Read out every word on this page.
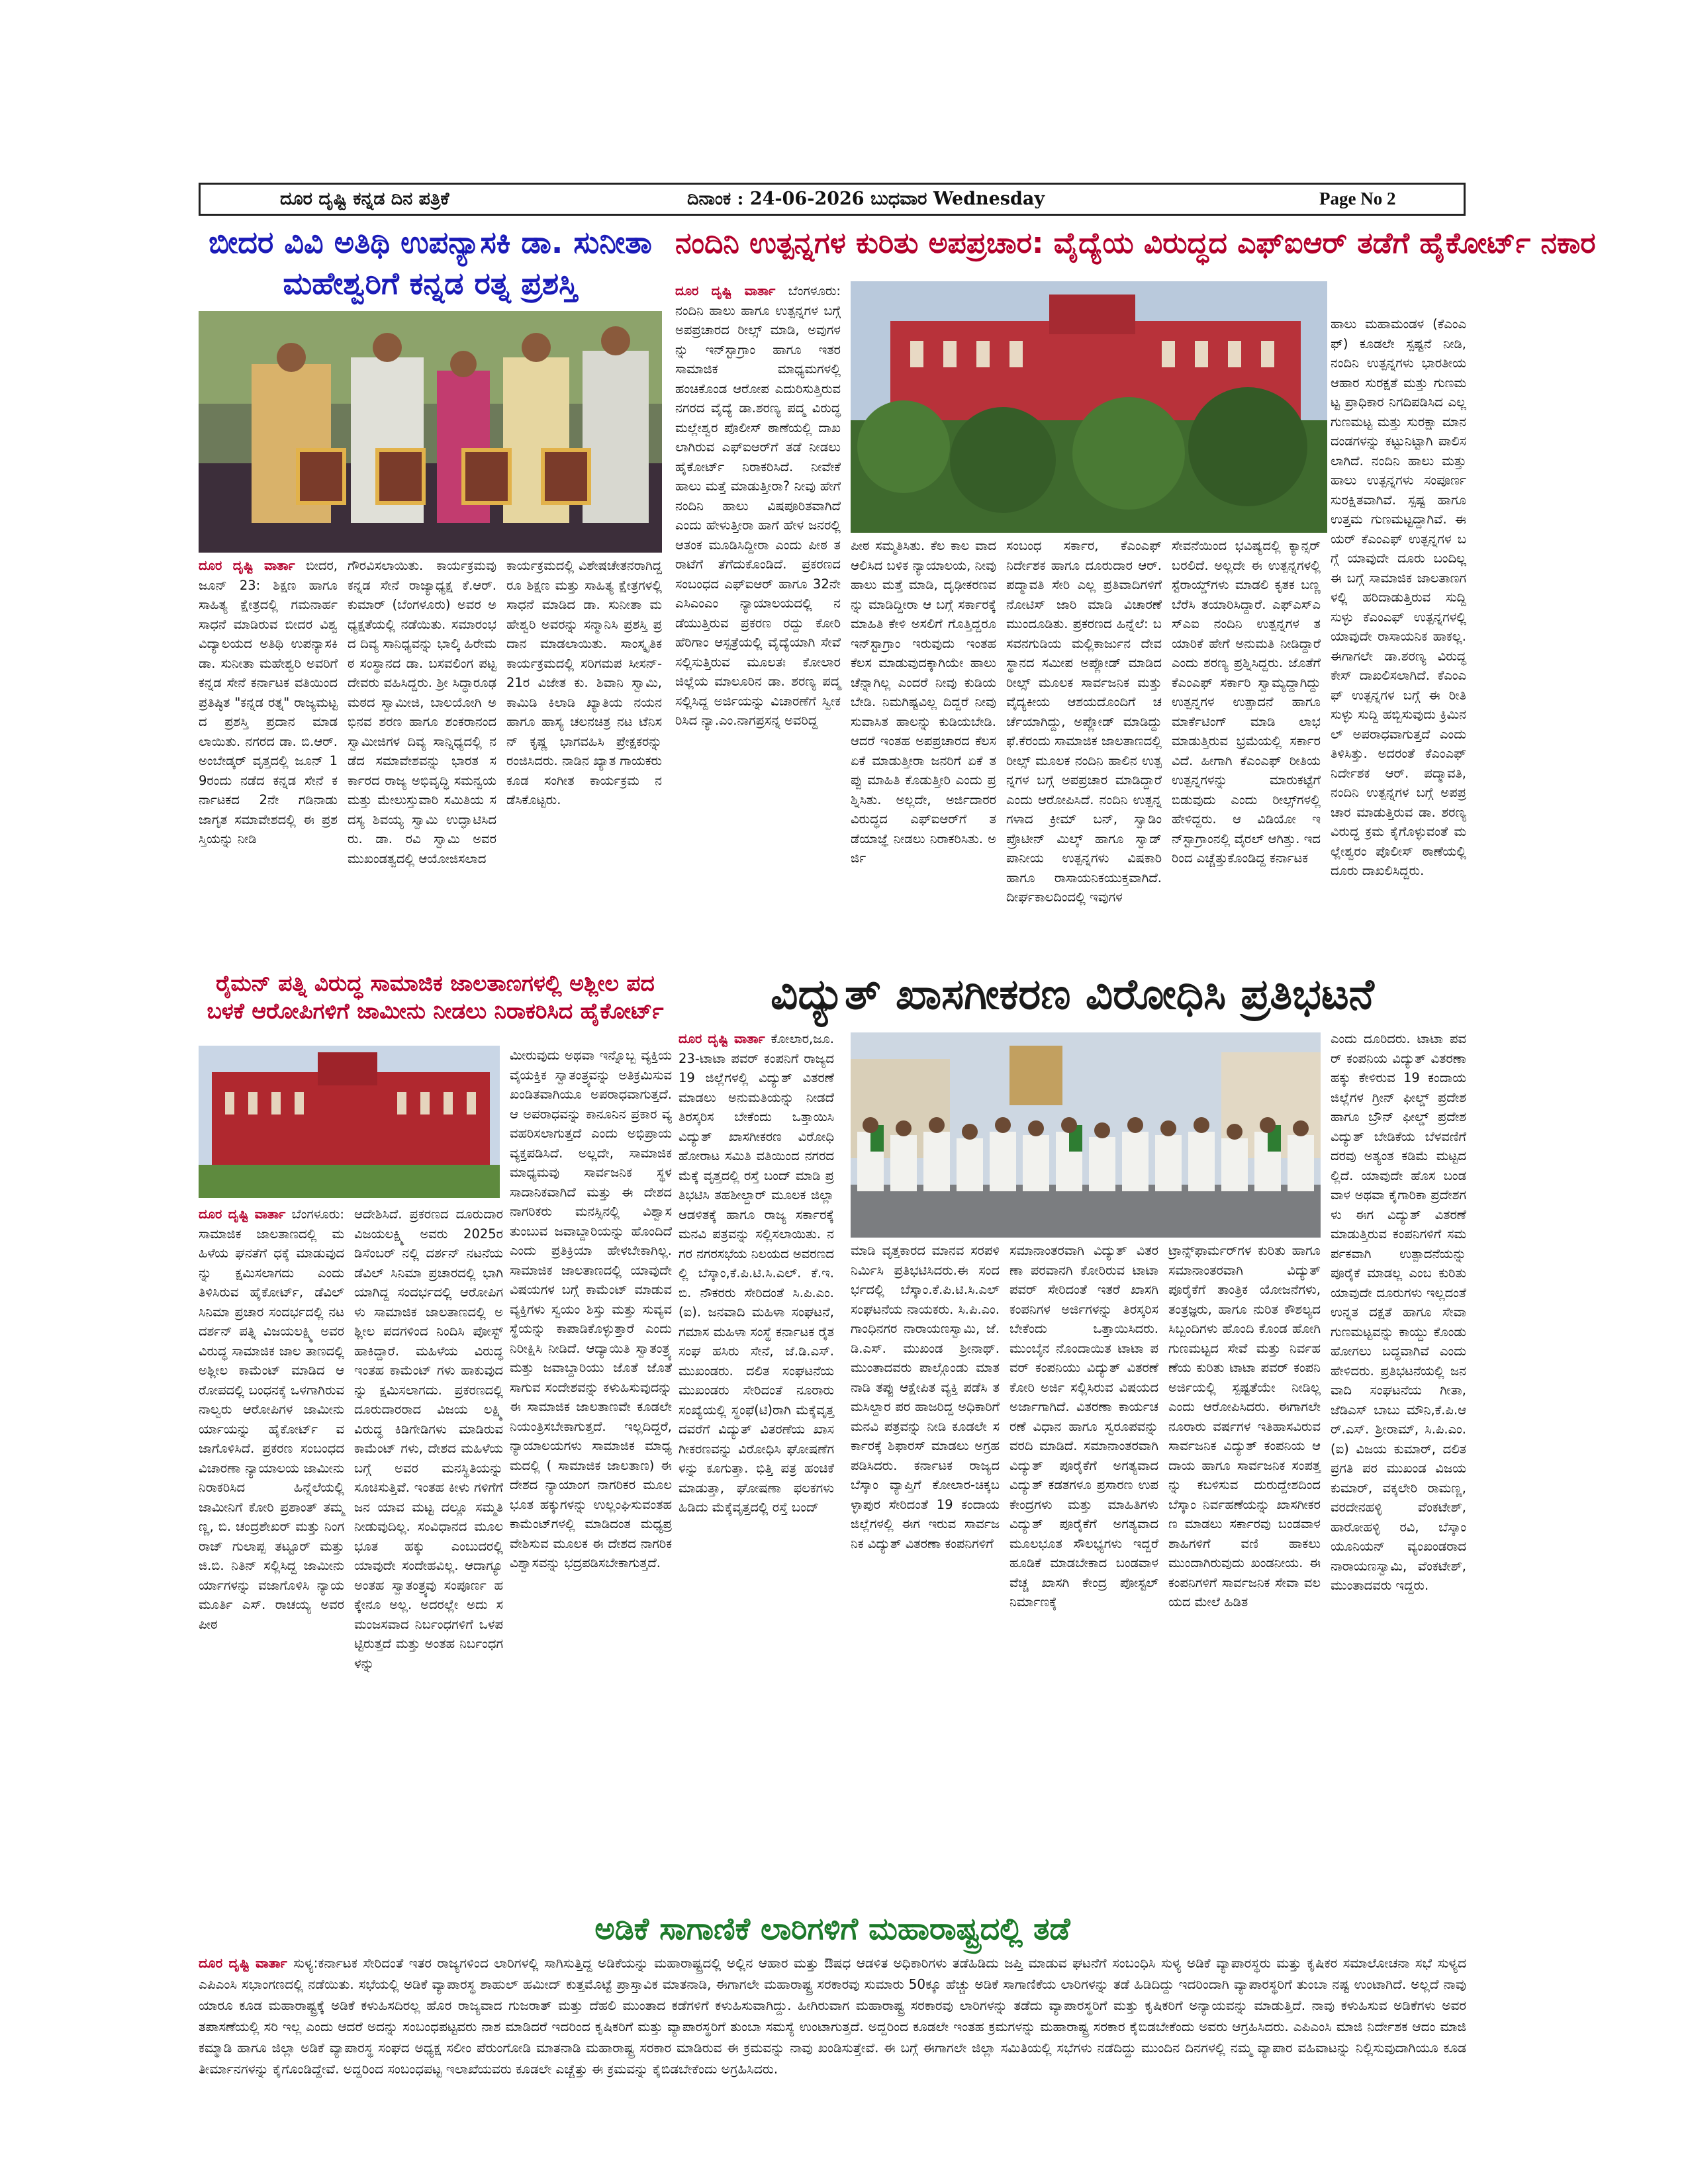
ದೂರ ದೃಷ್ಟಿ ಕನ್ನಡ ದಿನ ಪತ್ರಿಕೆ	ದಿನಾಂಕ : 24-06-2026 ಬುಧವಾರ Wednesday	Page No 2
ಬೀದರ ವಿವಿ ಅತಿಥಿ ಉಪನ್ಯಾಸಕಿ ಡಾ. ಸುನೀತಾ ಮಹೇಶ್ವರಿಗೆ ಕನ್ನಡ ರತ್ನ ಪ್ರಶಸ್ತಿ
ದೂರ ದೃಷ್ಟಿ ವಾರ್ತಾ ಬೀದರ, ಜೂನ್ 23: ಶಿಕ್ಷಣ ಹಾಗೂ ಸಾಹಿತ್ಯ ಕ್ಷೇತ್ರದಲ್ಲಿ ಗಮನಾರ್ಹ ಸಾಧನೆ ಮಾಡಿರುವ ಬೀದರ ವಿಶ್ವವಿದ್ಯಾಲಯದ ಅತಿಥಿ ಉಪನ್ಯಾಸಕಿ ಡಾ. ಸುನೀತಾ ಮಹೇಶ್ವರಿ ಅವರಿಗೆ ಕನ್ನಡ ಸೇನೆ ಕರ್ನಾಟಕ ವತಿಯಿಂದ ಪ್ರತಿಷ್ಠಿತ "ಕನ್ನಡ ರತ್ನ" ರಾಜ್ಯಮಟ್ಟದ ಪ್ರಶಸ್ತಿ ಪ್ರದಾನ ಮಾಡಲಾಯಿತು. ನಗರದ ಡಾ. ಬಿ.ಆರ್. ಅಂಬೇಡ್ಕರ್ ವೃತ್ತದಲ್ಲಿ ಜೂನ್ 19ರಂದು ನಡೆದ ಕನ್ನಡ ಸೇನೆ ಕರ್ನಾಟಕದ 2ನೇ ಗಡಿನಾಡು ಜಾಗೃತ ಸಮಾವೇಶದಲ್ಲಿ ಈ ಪ್ರಶಸ್ತಿಯನ್ನು ನೀಡಿ
ಗೌರವಿಸಲಾಯಿತು. ಕಾರ್ಯಕ್ರಮವು ಕನ್ನಡ ಸೇನೆ ರಾಜ್ಯಾಧ್ಯಕ್ಷ ಕೆ.ಆರ್. ಕುಮಾರ್ (ಬೆಂಗಳೂರು) ಅವರ ಅಧ್ಯಕ್ಷತೆಯಲ್ಲಿ ನಡೆಯಿತು. ಸಮಾರಂಭದ ದಿವ್ಯ ಸಾನಿಧ್ಯವನ್ನು ಭಾಲ್ಕಿ ಹಿರೇಮಠ ಸಂಸ್ಥಾನದ ಡಾ. ಬಸವಲಿಂಗ ಪಟ್ಟದೇವರು ವಹಿಸಿದ್ದರು. ಶ್ರೀ ಸಿದ್ಧಾರೂಢ ಮಠದ ಸ್ವಾಮೀಜಿ, ಬಾಲಯೋಗಿ ಅಭಿನವ ಶರಣ ಹಾಗೂ ಶಂಕರಾನಂದ ಸ್ವಾಮೀಜಿಗಳ ದಿವ್ಯ ಸಾನ್ನಿಧ್ಯದಲ್ಲಿ ನಡೆದ ಸಮಾವೇಶವನ್ನು ಭಾರತ ಸರ್ಕಾರದ ರಾಜ್ಯ ಅಭಿವೃದ್ಧಿ ಸಮನ್ವಯ ಮತ್ತು ಮೇಲುಸ್ತುವಾರಿ ಸಮಿತಿಯ ಸದಸ್ಯ ಶಿವಯ್ಯ ಸ್ವಾಮಿ ಉದ್ಘಾಟಿಸಿದರು. ಡಾ. ರವಿ ಸ್ವಾಮಿ ಅವರ ಮುಖಂಡತ್ವದಲ್ಲಿ ಆಯೋಜಿಸಲಾದ
ಕಾರ್ಯಕ್ರಮದಲ್ಲಿ ವಿಶೇಷಚೇತನರಾಗಿದ್ದರೂ ಶಿಕ್ಷಣ ಮತ್ತು ಸಾಹಿತ್ಯ ಕ್ಷೇತ್ರಗಳಲ್ಲಿ ಸಾಧನೆ ಮಾಡಿದ ಡಾ. ಸುನೀತಾ ಮಹೇಶ್ವರಿ ಅವರನ್ನು ಸನ್ಮಾನಿಸಿ ಪ್ರಶಸ್ತಿ ಪ್ರದಾನ ಮಾಡಲಾಯಿತು. ಸಾಂಸ್ಕೃತಿಕ ಕಾರ್ಯಕ್ರಮದಲ್ಲಿ ಸರಿಗಮಪ ಸೀಸನ್-21ರ ವಿಜೇತ ಕು. ಶಿವಾನಿ ಸ್ವಾಮಿ, ಕಾಮಿಡಿ ಕಿಲಾಡಿ ಖ್ಯಾತಿಯ ನಯನ ಹಾಗೂ ಹಾಸ್ಯ ಚಲನಚಿತ್ರ ನಟ ಟೆನಿಸನ್ ಕೃಷ್ಣ ಭಾಗವಹಿಸಿ ಪ್ರೇಕ್ಷಕರನ್ನು ರಂಜಿಸಿದರು. ನಾಡಿನ ಖ್ಯಾತ ಗಾಯಕರು ಕೂಡ ಸಂಗೀತ ಕಾರ್ಯಕ್ರಮ ನಡೆಸಿಕೊಟ್ಟರು.
ನಂದಿನಿ ಉತ್ಪನ್ನಗಳ ಕುರಿತು ಅಪಪ್ರಚಾರ: ವೈದ್ಯೆಯ ವಿರುದ್ಧದ ಎಫ್ಐಆರ್ ತಡೆಗೆ ಹೈಕೋರ್ಟ್ ನಕಾರ
ದೂರ ದೃಷ್ಟಿ ವಾರ್ತಾ ಬೆಂಗಳೂರು: ನಂದಿನಿ ಹಾಲು ಹಾಗೂ ಉತ್ಪನ್ನಗಳ ಬಗ್ಗೆ ಅಪಪ್ರಚಾರದ ರೀಲ್ಸ್ ಮಾಡಿ, ಅವುಗಳನ್ನು ಇನ್‌ಸ್ಟಾಗ್ರಾಂ ಹಾಗೂ ಇತರ ಸಾಮಾಜಿಕ ಮಾಧ್ಯಮಗಳಲ್ಲಿ ಹಂಚಿಕೊಂಡ ಆರೋಪ ಎದುರಿಸುತ್ತಿರುವ ನಗರದ ವೈದ್ಯೆ ಡಾ.ಶರಣ್ಯ ಪದ್ಮ ವಿರುದ್ಧ ಮಲ್ಲೇಶ್ವರ ಪೊಲೀಸ್ ಠಾಣೆಯಲ್ಲಿ ದಾಖಲಾಗಿರುವ ಎಫ್ಐಆರ್‌ಗೆ ತಡೆ ನೀಡಲು ಹೈಕೋರ್ಟ್ ನಿರಾಕರಿಸಿದೆ. ನೀವೇಕೆ ಹಾಲು ಮತ್ತೆ ಮಾಡುತ್ತೀರಾ? ನೀವು ಹೇಗೆ ನಂದಿನಿ ಹಾಲು ವಿಷಪೂರಿತವಾಗಿದೆ ಎಂದು ಹೇಳುತ್ತೀರಾ ಹಾಗೆ ಹೇಳ ಜನರಲ್ಲಿ ಆತಂಕ ಮೂಡಿಸಿದ್ದೀರಾ ಎಂದು ಪೀಠ ತರಾಟೆಗೆ ತೆಗೆದುಕೊಂಡಿದೆ. ಪ್ರಕರಣದ ಸಂಬಂಧದ ಎಫ್ಐಆರ್ ಹಾಗೂ 32ನೇ ಎಸಿಎಂಎಂ ನ್ಯಾಯಾಲಯದಲ್ಲಿ ನಡೆಯುತ್ತಿರುವ ಪ್ರಕರಣ ರದ್ದು ಕೋರಿ ಹೆರಿಗಾಂ ಆಸ್ಪತ್ರೆಯಲ್ಲಿ ವೈದ್ಯೆಯಾಗಿ ಸೇವೆ ಸಲ್ಲಿಸುತ್ತಿರುವ ಮೂಲತಃ ಕೋಲಾರ ಜಿಲ್ಲೆಯ ಮಾಲೂರಿನ ಡಾ. ಶರಣ್ಯ ಪದ್ಮ ಸಲ್ಲಿಸಿದ್ದ ಅರ್ಜಿಯನ್ನು ವಿಚಾರಣೆಗೆ ಸ್ವೀಕರಿಸಿದ ನ್ಯಾ.ಎಂ.ನಾಗಪ್ರಸನ್ನ ಅವರಿದ್ದ
ಪೀಠ ಸಮ್ಮತಿಸಿತು. ಕೆಲ ಕಾಲ ವಾದ ಆಲಿಸಿದ ಬಳಿಕ ನ್ಯಾಯಾಲಯ, ನೀವು ಹಾಲು ಮತ್ತೆ ಮಾಡಿ, ದೃಢೀಕರಣವನ್ನು ಮಾಡಿದ್ದೀರಾ ಆ ಬಗ್ಗೆ ಸರ್ಕಾರಕ್ಕೆ ಮಾಹಿತಿ ಕೇಳಿ ಅಸಲಿಗೆ ಗೊತ್ತಿದ್ದರೂ ಇನ್‌ಸ್ಟಾಗ್ರಾಂ ಇರುವುದು ಇಂತಹ ಕೆಲಸ ಮಾಡುವುದಕ್ಕಾಗಿಯೇ ಹಾಲು ಚೆನ್ನಾಗಿಲ್ಲ ಎಂದರೆ ನೀವು ಕುಡಿಯಬೇಡಿ. ನಿಮಗಿಷ್ಟವಿಲ್ಲ ದಿದ್ದರೆ ನೀವು ಸುವಾಸಿತ ಹಾಲನ್ನು ಕುಡಿಯಬೇಡಿ. ಆದರೆ ಇಂತಹ ಅಪಪ್ರಚಾರದ ಕೆಲಸ ಏಕೆ ಮಾಡುತ್ತೀರಾ ಜನರಿಗೆ ಏಕೆ ತಪ್ಪು ಮಾಹಿತಿ ಕೊಡುತ್ತೀರಿ ಎಂದು ಪ್ರಶ್ನಿಸಿತು. ಅಲ್ಲದೇ, ಅರ್ಜಿದಾರರ ವಿರುದ್ಧದ ಎಫ್ಐಆರ್‌ಗೆ ತಡೆಯಾಜ್ಞೆ ನೀಡಲು ನಿರಾಕರಿಸಿತು. ಅರ್ಜಿ
ಸಂಬಂಧ ಸರ್ಕಾರ, ಕೆಎಂಎಫ್ ನಿರ್ದೇಶಕ ಹಾಗೂ ದೂರುದಾರ ಆರ್.ಪದ್ಮಾವತಿ ಸೇರಿ ಎಲ್ಲ ಪ್ರತಿವಾದಿಗಳಿಗೆ ನೋಟಿಸ್ ಜಾರಿ ಮಾಡಿ ವಿಚಾರಣೆ ಮುಂದೂಡಿತು. ಪ್ರಕರಣದ ಹಿನ್ನೆಲೆ: ಬಸವನಗುಡಿಯ ಮಲ್ಲಿಕಾರ್ಜುನ ದೇವಸ್ಥಾನದ ಸಮೀಪ ಅಪ್ಲೋಡ್ ಮಾಡಿದ ರೀಲ್ಸ್ ಮೂಲಕ ಸಾರ್ವಜನಿಕ ಮತ್ತು ವೈದ್ಯಕೀಯ ಆಶಯದೊಂದಿಗೆ ಚರ್ಚೆಯಾಗಿದ್ದು, ಅಪ್ಲೋಡ್ ಮಾಡಿದ್ದು ಫೆ.ಕೆರಂದು ಸಾಮಾಜಿಕ ಜಾಲತಾಣದಲ್ಲಿ ರೀಲ್ಸ್ ಮೂಲಕ ನಂದಿನಿ ಹಾಲಿನ ಉತ್ಪನ್ನಗಳ ಬಗ್ಗೆ ಅಪಪ್ರಚಾರ ಮಾಡಿದ್ದಾರೆ ಎಂದು ಆರೋಪಿಸಿದೆ. ನಂದಿನಿ ಉತ್ಪನ್ನಗಳಾದ ಕ್ರೀಮ್ ಬನ್, ಸ್ವಾಡಿಂ ಪ್ರೊಟೀನ್ ಮಿಲ್ಕ್ ಹಾಗೂ ಸ್ವಾಡ್ ಪಾನೀಯ ಉತ್ಪನ್ನಗಳು ವಿಷಕಾರಿ ಹಾಗೂ ರಾಸಾಯನಿಕಯುಕ್ತವಾಗಿದೆ. ದೀರ್ಘಕಾಲದಿಂದಲ್ಲಿ ಇವುಗಳ
ಸೇವನೆಯಿಂದ ಭವಿಷ್ಯದಲ್ಲಿ ಕ್ಯಾನ್ಸರ್ ಬರಲಿದೆ. ಅಲ್ಲದೇ ಈ ಉತ್ಪನ್ನಗಳಲ್ಲಿ ಸ್ಟೆರಾಯ್ಡ್‌ಗಳು ಮಾಡಲಿ ಕೃತಕ ಬಣ್ಣ ಬೆರೆಸಿ ತಯಾರಿಸಿದ್ದಾರೆ. ಎಫ್ಎಸ್ಎಸ್ಎಐ ನಂದಿನಿ ಉತ್ಪನ್ನಗಳ ತಯಾರಿಕೆ ಹೇಗೆ ಅನುಮತಿ ನೀಡಿದ್ದಾರೆ ಎಂದು ಶರಣ್ಯ ಪ್ರಶ್ನಿಸಿದ್ದರು. ಜೊತೆಗೆ ಕೆಎಂಎಫ್ ಸರ್ಕಾರಿ ಸ್ವಾಮ್ಯದ್ದಾಗಿದ್ದು ಉತ್ಪನ್ನಗಳ ಉತ್ಪಾದನೆ ಹಾಗೂ ಮಾರ್ಕೆಟಿಂಗ್ ಮಾಡಿ ಲಾಭ ಮಾಡುತ್ತಿರುವ ಭ್ರಮೆಯಲ್ಲಿ ಸರ್ಕಾರವಿದೆ. ಹೀಗಾಗಿ ಕೆಎಂಎಫ್ ರೀತಿಯ ಉತ್ಪನ್ನಗಳನ್ನು ಮಾರುಕಟ್ಟೆಗೆ ಬಿಡುವುದು ಎಂದು ರೀಲ್ಸ್‌ಗಳಲ್ಲಿ ಹೇಳಿದ್ದರು. ಆ ವಿಡಿಯೋ ಇನ್‌ಸ್ಟಾಗ್ರಾಂನಲ್ಲಿ ವೈರಲ್ ಆಗಿತ್ತು. ಇದರಿಂದ ಎಚ್ಚೆತ್ತುಕೊಂಡಿದ್ದ ಕರ್ನಾಟಕ
ಹಾಲು ಮಹಾಮಂಡಳ (ಕೆಎಂಎಫ್) ಕೂಡಲೇ ಸ್ಪಷ್ಟನೆ ನೀಡಿ, ನಂದಿನಿ ಉತ್ಪನ್ನಗಳು ಭಾರತೀಯ ಆಹಾರ ಸುರಕ್ಷತೆ ಮತ್ತು ಗುಣಮಟ್ಟ ಪ್ರಾಧಿಕಾರ ನಿಗದಿಪಡಿಸಿದ ಎಲ್ಲ ಗುಣಮಟ್ಟ ಮತ್ತು ಸುರಕ್ಷಾ ಮಾನದಂಡಗಳನ್ನು ಕಟ್ಟುನಿಟ್ಟಾಗಿ ಪಾಲಿಸಲಾಗಿದೆ. ನಂದಿನಿ ಹಾಲು ಮತ್ತು ಹಾಲು ಉತ್ಪನ್ನಗಳು ಸಂಪೂರ್ಣ ಸುರಕ್ಷಿತವಾಗಿವೆ. ಸ್ಪಷ್ಟ ಹಾಗೂ ಉತ್ತಮ ಗುಣಮಟ್ಟದ್ದಾಗಿವೆ. ಈಯರ್‌ ಕೆಎಂಎಫ್ ಉತ್ಪನ್ನಗಳ ಬಗ್ಗೆ ಯಾವುದೇ ದೂರು ಬಂದಿಲ್ಲ ಈ ಬಗ್ಗೆ ಸಾಮಾಜಿಕ ಜಾಲತಾಣಗಳಲ್ಲಿ ಹರಿದಾಡುತ್ತಿರುವ ಸುದ್ದಿ ಸುಳ್ಳು ಕೆಎಂಎಫ್ ಉತ್ಪನ್ನಗಳಲ್ಲಿ ಯಾವುದೇ ರಾಸಾಯನಿಕ ಹಾಕಲ್ಲ. ಈಗಾಗಲೇ ಡಾ.ಶರಣ್ಯ ವಿರುದ್ಧ ಕೇಸ್ ದಾಖಲಿಸಲಾಗಿದೆ. ಕೆಎಂಎಫ್ ಉತ್ಪನ್ನಗಳ ಬಗ್ಗೆ ಈ ರೀತಿ ಸುಳ್ಳು ಸುದ್ದಿ ಹಬ್ಬಿಸುವುದು ಕ್ರಿಮಿನಲ್ ಅಪರಾಧವಾಗುತ್ತದೆ ಎಂದು ತಿಳಿಸಿತ್ತು. ಅದರಂತೆ ಕೆಎಂಎಫ್ ನಿರ್ದೇಶಕ ಆರ್. ಪದ್ಮಾವತಿ, ನಂದಿನಿ ಉತ್ಪನ್ನಗಳ ಬಗ್ಗೆ ಅಪಪ್ರಚಾರ ಮಾಡುತ್ತಿರುವ ಡಾ. ಶರಣ್ಯ ವಿರುದ್ಧ ಕ್ರಮ ಕೈಗೊಳ್ಳುವಂತೆ ಮಲ್ಲೇಶ್ವರಂ ಪೊಲೀಸ್ ಠಾಣೆಯಲ್ಲಿ ದೂರು ದಾಖಲಿಸಿದ್ದರು.
ರೈಮನ್ ಪತ್ನಿ ವಿರುದ್ಧ ಸಾಮಾಜಿಕ ಜಾಲತಾಣಗಳಲ್ಲಿ ಅಶ್ಲೀಲ ಪದ ಬಳಕೆ ಆರೋಪಿಗಳಿಗೆ ಜಾಮೀನು ನೀಡಲು ನಿರಾಕರಿಸಿದ ಹೈಕೋರ್ಟ್
ದೂರ ದೃಷ್ಟಿ ವಾರ್ತಾ ಬೆಂಗಳೂರು: ಸಾಮಾಜಿಕ ಜಾಲತಾಣದಲ್ಲಿ ಮಹಿಳೆಯ ಘನತೆಗೆ ಧಕ್ಕೆ ಮಾಡುವುದನ್ನು ಕ್ಷಮಿಸಲಾಗದು ಎಂದು ತಿಳಿಸಿರುವ ಹೈಕೋರ್ಟ್, ಡೆವಿಲ್ ಸಿನಿಮಾ ಪ್ರಚಾರ ಸಂದರ್ಭದಲ್ಲಿ ನಟ ದರ್ಶನ್ ಪತ್ನಿ ವಿಜಯಲಕ್ಷ್ಮಿ ಅವರ ವಿರುದ್ಧ ಸಾಮಾಜಿಕ ಜಾಲ ತಾಣದಲ್ಲಿ ಅಶ್ಲೀಲ ಕಾಮೆಂಟ್ ಮಾಡಿದ ಆರೋಪದಲ್ಲಿ ಬಂಧನಕ್ಕೆ ಒಳಗಾಗಿರುವ ನಾಲ್ವರು ಆರೋಪಿಗಳ ಜಾಮೀನು ರ್ಯಾಯನ್ನು ಹೈಕೋರ್ಟ್ ವಜಾಗೊಳಿಸಿದೆ. ಪ್ರಕರಣ ಸಂಬಂಧದ ವಿಚಾರಣಾ ನ್ಯಾಯಾಲಯ ಜಾಮೀನು ನಿರಾಕರಿಸಿದ ಹಿನ್ನೆಲೆಯಲ್ಲಿ ಜಾಮೀನಿಗೆ ಕೋರಿ ಪ್ರಶಾಂತ್ ತಮ್ಮಣ್ಣ, ಬಿ. ಚಂದ್ರಶೇಖರ್ ಮತ್ತು ನಿಂಗರಾಜ್ ಗುಲಾಪ್ಪ ತಟ್ಟೂರ್ ಮತ್ತು ಜಿ.ಬಿ. ನಿತಿನ್ ಸಲ್ಲಿಸಿದ್ದ ಜಾಮೀನು ರ್ಯಾಗಳನ್ನು ವಜಾಗೊಳಿಸಿ ನ್ಯಾಯಮೂರ್ತಿ ಎಸ್. ರಾಚಯ್ಯ ಅವರ ಪೀಠ
ಆದೇಶಿಸಿದೆ. ಪ್ರಕರಣದ ದೂರುದಾರ ವಿಜಯಲಕ್ಷ್ಮಿ ಅವರು 2025ರ ಡಿಸೆಂಬರ್ ನಲ್ಲಿ ದರ್ಶನ್ ನಟನೆಯ ಡೆವಿಲ್ ಸಿನಿಮಾ ಪ್ರಚಾರದಲ್ಲಿ ಭಾಗಿ ಯಾಗಿದ್ದ ಸಂದರ್ಭದಲ್ಲಿ ಆರೋಪಿಗಳು ಸಾಮಾಜಿಕ ಜಾಲತಾಣದಲ್ಲಿ ಅಶ್ಲೀಲ ಪದಗಳಿಂದ ನಿಂದಿಸಿ ಪೋಸ್ಟ್ ಹಾಕಿದ್ದಾರೆ. ಮಹಿಳೆಯ ವಿರುದ್ಧ ಇಂತಹ ಕಾಮೆಂಟ್ ಗಳು ಹಾಕುವುದನ್ನು ಕ್ಷಮಿಸಲಾಗದು. ಪ್ರಕರಣದಲ್ಲಿ ದೂರುದಾರರಾದ ವಿಜಯ ಲಕ್ಷ್ಮಿ ವಿರುದ್ಧ ಕಿಡಿಗೇಡಿಗಳು ಮಾಡಿರುವ ಕಾಮೆಂಟ್ ಗಳು, ದೇಶದ ಮಹಿಳೆಯ ಬಗ್ಗೆ ಅವರ ಮನಸ್ಥಿತಿಯನ್ನು ಸೂಚಿಸುತ್ತಿವೆ. ಇಂತಹ ಕೀಳು ಗಳಿಗೆಗೆ ಜನ ಯಾವ ಮಟ್ಟ ದಲ್ಲೂ ಸಮ್ಮತಿ ನೀಡುವುದಿಲ್ಲ. ಸಂವಿಧಾನದ ಮೂಲಭೂತ ಹಕ್ಕು ಎಂಬುದರಲ್ಲಿ ಯಾವುದೇ ಸಂದೇಹವಿಲ್ಲ. ಆದಾಗ್ಯೂ ಅಂತಹ ಸ್ವಾತಂತ್ರ್ಯವು ಸಂಪೂರ್ಣ ಹಕ್ಕೇನೂ ಅಲ್ಲ. ಅದರಲ್ಲೇ ಅದು ಸಮಂಜಸವಾದ ನಿರ್ಬಂಧಗಳಿಗೆ ಒಳಪಟ್ಟಿರುತ್ತದೆ ಮತ್ತು ಅಂತಹ ನಿರ್ಬಂಧಗಳನ್ನು
ಮೀರುವುದು ಅಥವಾ ಇನ್ನೊಬ್ಬ ವ್ಯಕ್ತಿಯ ವೈಯಕ್ತಿಕ ಸ್ವಾತಂತ್ರ್ಯವನ್ನು ಅತಿಕ್ರಮಿಸುವ ಖಂಡಿತವಾಗಿಯೂ ಅಪರಾಧವಾಗುತ್ತದೆ. ಆ ಅಪರಾಧವನ್ನು ಕಾನೂನಿನ ಪ್ರಕಾರ ವ್ಯವಹರಿಸಲಾಗುತ್ತದೆ ಎಂದು ಅಭಿಪ್ರಾಯ ವ್ಯಕ್ತಪಡಿಸಿದೆ. ಅಲ್ಲದೇ, ಸಾಮಾಜಿಕ ಮಾಧ್ಯಮವು ಸಾರ್ವಜನಿಕ ಸ್ಥಳ ಸಾದಾನಿಕವಾಗಿದೆ ಮತ್ತು ಈ ದೇಶದ ನಾಗರಿಕರು ಮನಸ್ಸಿನಲ್ಲಿ ವಿಶ್ವಾಸ ತುಂಬುವ ಜವಾಬ್ದಾರಿಯನ್ನು ಹೊಂದಿದೆ ಎಂದು ಪ್ರತಿಕ್ರಿಯಾ ಹೇಳಬೇಕಾಗಿಲ್ಲ. ಸಾಮಾಜಿಕ ಜಾಲತಾಣದಲ್ಲಿ ಯಾವುದೇ ವಿಷಯಗಳ ಬಗ್ಗೆ ಕಾಮೆಂಟ್ ಮಾಡುವ ವ್ಯಕ್ತಿಗಳು ಸ್ವಯಂ ಶಿಸ್ತು ಮತ್ತು ಸುವ್ಯವಸ್ಥೆಯನ್ನು ಕಾಪಾಡಿಕೊಳ್ಳುತ್ತಾರೆ ಎಂದು ನಿರೀಕ್ಷಿಸಿ ನೀಡಿದೆ. ಆದ್ಯಾಯಿತಿ ಸ್ವಾತಂತ್ರ್ಯ ಮತ್ತು ಜವಾಬ್ದಾರಿಯು ಜೊತೆ ಜೊತೆ ಸಾಗುವ ಸಂದೇಶವನ್ನು ಕಳುಹಿಸುವುದನ್ನು ಈ ಸಾಮಾಜಿಕ ಜಾಲತಾಣವೇ ಕೂಡಲೇ ನಿಯಂತ್ರಿಸಬೇಕಾಗುತ್ತದೆ. ಇಲ್ಲದಿದ್ದರೆ, ನ್ಯಾಯಾಲಯಗಳು ಸಾಮಾಜಿಕ ಮಾಧ್ಯಮದಲ್ಲಿ ( ಸಾಮಾಜಿಕ ಜಾಲತಾಣ) ಈ ದೇಶದ ನ್ಯಾಯಾಂಗ ನಾಗರಿಕರ ಮೂಲಭೂತ ಹಕ್ಕುಗಳನ್ನು ಉಲ್ಲಂಘಿಸುವಂತಹ ಕಾಮೆಂಟ್‌ಗಳಲ್ಲಿ ಮಾಡಿದಂತ ಮಧ್ಯಪ್ರವೇಶಿಸುವ ಮೂಲಕ ಈ ದೇಶದ ನಾಗರಿಕ ವಿಶ್ವಾಸವನ್ನು ಭದ್ರಪಡಿಸಬೇಕಾಗುತ್ತದೆ.
ವಿದ್ಯುತ್ ಖಾಸಗೀಕರಣ ವಿರೋಧಿಸಿ ಪ್ರತಿಭಟನೆ
ದೂರ ದೃಷ್ಟಿ ವಾರ್ತಾ ಕೋಲಾರ,ಜೂ.23-ಟಾಟಾ ಪವರ್ ಕಂಪನಿಗೆ ರಾಜ್ಯದ 19 ಜಿಲ್ಲೆಗಳಲ್ಲಿ ವಿದ್ಯುತ್ ವಿತರಣೆ ಮಾಡಲು ಅನುಮತಿಯನ್ನು ನೀಡದೆ ತಿರಸ್ಕರಿಸ ಬೇಕೆಂದು ಒತ್ತಾಯಿಸಿ ವಿದ್ಯುತ್ ಖಾಸಗೀಕರಣ ವಿರೋಧಿ ಹೋರಾಟ ಸಮಿತಿ ವತಿಯಿಂದ ನಗರದ ಮೆಕ್ಕೆ ವೃತ್ತದಲ್ಲಿ ರಸ್ತೆ ಬಂದ್ ಮಾಡಿ ಪ್ರತಿಭಟಿಸಿ ತಹಶೀಲ್ದಾರ್ ಮೂಲಕ ಜಿಲ್ಲಾ ಆಡಳಿತಕ್ಕೆ ಹಾಗೂ ರಾಜ್ಯ ಸರ್ಕಾರಕ್ಕೆ ಮನವಿ ಪತ್ರವನ್ನು ಸಲ್ಲಿಸಲಾಯಿತು. ನಗರ ನಗರಸಭೆಯ ನಿಲಯದ ಅವರಣದಲ್ಲಿ ಬೆಸ್ಕಾಂ,ಕೆ.ಪಿ.ಟಿ.ಸಿ.ಎಲ್. ಕೆ.ಇ.ಬಿ. ನೌಕರರು ಸೇರಿದಂತೆ ಸಿ.ಪಿ.ಎಂ.(ಐ). ಜನವಾದಿ ಮಹಿಳಾ ಸಂಘಟನೆ, ಗಮಾಸ ಮಹಿಳಾ ಸಂಸ್ಥೆ ಕರ್ನಾಟಕ ರೈತ ಸಂಘ ಹಸಿರು ಸೇನೆ, ಜೆ.ಡಿ.ಎಸ್.ಮುಖಂಡರು. ದಲಿತ ಸಂಘಟನೆಯ ಮುಖಂಡರು ಸೇರಿದಂತೆ ನೂರಾರು ಸಂಖ್ಯೆಯಲ್ಲಿ ಸ್ಥಂಫೆ(ಟಿ)ರಾಗಿ ಮೆಕ್ಕೆವೃತ್ತದವರೆಗೆ ವಿದ್ಯುತ್ ವಿತರಣೆಯ ಖಾಸಗೀಕರಣವನ್ನು ವಿರೋಧಿಸಿ ಘೋಷಣೆಗಳನ್ನು ಕೂಗುತ್ತಾ. ಭಿತ್ತಿ ಪತ್ರ ಹಂಚಿಕೆ ಮಾಡುತ್ತಾ, ಘೋಷಣಾ ಫಲಕಗಳು ಹಿಡಿದು ಮೆಕ್ಕೆವೃತ್ತದಲ್ಲಿ ರಸ್ತೆ ಬಂದ್
ಮಾಡಿ ವೃತ್ತಕಾರದ ಮಾನವ ಸರಪಳಿ ನಿರ್ಮಿಸಿ ಪ್ರತಿಭಟಿಸಿದರು.ಈ ಸಂದರ್ಭದಲ್ಲಿ ಬೆಸ್ಕಾಂ.ಕೆ.ಪಿ.ಟಿ.ಸಿ.ಎಲ್ ಸಂಘಟನೆಯ ನಾಯಕರು. ಸಿ.ಪಿ.ಎಂ. ಗಾಂಧಿನಗರ ನಾರಾಯಣಸ್ವಾಮಿ, ಜೆ.ಡಿ.ಎಸ್. ಮುಖಂಡ ಶ್ರೀನಾಥ್. ಮುಂತಾದವರು ಪಾಲ್ಗೊಂಡು ಮಾತನಾಡಿ ತಪ್ಪು ಆಕ್ಷೇಪಿತ ವ್ಯಕ್ತಿ ಪಡೆಸಿ ತಮಸಿಲ್ದಾರ ಪರ ಹಾಜರಿದ್ದ ಅಧಿಕಾರಿಗೆ ಮನವಿ ಪತ್ರವನ್ನು ನೀಡಿ ಕೂಡಲೇ ಸರ್ಕಾರಕ್ಕೆ ಶಿಫಾರಸ್ ಮಾಡಲು ಅಗ್ರಹ ಪಡಿಸಿದರು. ಕರ್ನಾಟಕ ರಾಜ್ಯದ ಬೆಸ್ಕಾಂ ವ್ಯಾಪ್ತಿಗೆ ಕೋಲಾರ-ಚಿಕ್ಕಬಳ್ಳಾಪುರ ಸೇರಿದಂತೆ 19 ಕಂದಾಯ ಜಿಲ್ಲೆಗಳಲ್ಲಿ ಈಗ ಇರುವ ಸಾರ್ವಜನಿಕ ವಿದ್ಯುತ್ ವಿತರಣಾ ಕಂಪನಿಗಳಿಗೆ
ಸಮಾನಾಂತರವಾಗಿ ವಿದ್ಯುತ್ ವಿತರಣಾ ಪರವಾನಗಿ ಕೋರಿರುವ ಟಾಟಾ ಪವರ್ ಸೇರಿದಂತೆ ಇತರೆ ಖಾಸಗಿ ಕಂಪನಿಗಳ ಅರ್ಜಿಗಳನ್ನು ತಿರಸ್ಕರಿಸ ಬೇಕೆಂದು ಒತ್ತಾಯಿಸಿದರು. ಮುಂಬೈನ ನೊಂದಾಯಿತ ಟಾಟಾ ಪವರ್ ಕಂಪನಿಯು ವಿದ್ಯುತ್ ವಿತರಣೆ ಕೋರಿ ಅರ್ಜಿ ಸಲ್ಲಿಸಿರುವ ವಿಷಯದ ಅರ್ಜಾಗಾಗಿದೆ. ವಿತರಣಾ ಕಾರ್ಯಚರಣೆ ವಿಧಾನ ಹಾಗೂ ಸ್ವರೂಪವನ್ನು ವರದಿ ಮಾಡಿದೆ. ಸಮಾನಾಂತರವಾಗಿ ವಿದ್ಯುತ್ ಪೂರೈಕೆಗೆ ಅಗತ್ಯವಾದ ವಿದ್ಯುತ್ ಕಡತಗಳೂ ಪ್ರಸಾರಣ ಉಪಕೇಂದ್ರಗಳು ಮತ್ತು ಮಾಹಿತಿಗಳು ವಿದ್ಯುತ್ ಪೂರೈಕೆಗೆ ಅಗತ್ಯವಾದ ಮೂಲಭೂತ ಸೌಲಭ್ಯಗಳು ಇದ್ದರೆ ಹೂಡಿಕೆ ಮಾಡಬೇಕಾದ ಬಂಡವಾಳ ವೆಚ್ಚ ಖಾಸಗಿ ಕೇಂದ್ರ ಪೋಸ್ಟಲ್ ನಿರ್ಮಾಣಕ್ಕೆ
ಟ್ರಾನ್ಸ್‌ಫಾರ್ಮರ್‌ಗಳ ಕುರಿತು ಹಾಗೂ ಸಮಾನಾಂತರವಾಗಿ ವಿದ್ಯುತ್ ಪೂರೈಕೆಗೆ ತಾಂತ್ರಿಕ ಯೋಜನೆಗಳು, ತಂತ್ರಜ್ಞರು, ಹಾಗೂ ನುರಿತ ಕೌಶಲ್ಯದ ಸಿಬ್ಬಂದಿಗಳು ಹೊಂದಿ ಕೊಂಡ ಹೋಗಿ ಗುಣಮಟ್ಟದ ಸೇವೆ ಮತ್ತು ನಿರ್ವಹಣೆಯ ಕುರಿತು ಟಾಟಾ ಪವರ್ ಕಂಪನಿ ಅರ್ಜಿಯಲ್ಲಿ ಸ್ಪಷ್ಟತೆಯೇ ನೀಡಿಲ್ಲ ಎಂದು ಆರೋಪಿಸಿದರು. ಈಗಾಗಲೇ ನೂರಾರು ವರ್ಷಗಳ ಇತಿಹಾಸವಿರುವ ಸಾರ್ವಜನಿಕ ವಿದ್ಯುತ್ ಕಂಪನಿಯ ಆದಾಯ ಹಾಗೂ ಸಾರ್ವಜನಿಕ ಸಂಪತ್ತನ್ನು ಕಬಳಿಸುವ ದುರುದ್ದೇಶದಿಂದ ಬೆಸ್ಕಾಂ ನಿರ್ವಹಣೆಯನ್ನು ಖಾಸಗೀಕರಣ ಮಾಡಲು ಸರ್ಕಾರವು ಬಂಡವಾಳಶಾಹಿಗಳಿಗೆ ವಣಿ ಹಾಕಲು ಮುಂದಾಗಿರುವುದು ಖಂಡನೀಯ. ಈ ಕಂಪನಿಗಳಿಗೆ ಸಾರ್ವಜನಿಕ ಸೇವಾ ವಲಯದ ಮೇಲೆ ಹಿಡಿತ
ಎಂದು ದೂರಿದರು. ಟಾಟಾ ಪವರ್ ಕಂಪನಿಯ ವಿದ್ಯುತ್ ವಿತರಣಾ ಹಕ್ಕು ಕೇಳಿರುವ 19 ಕಂದಾಯ ಜಿಲ್ಲೆಗಳ ಗ್ರೀನ್ ಫೀಲ್ಡ್ ಪ್ರದೇಶ ಹಾಗೂ ಬ್ರೌನ್ ಫೀಲ್ಡ್ ಪ್ರದೇಶ ವಿದ್ಯುತ್ ಬೇಡಿಕೆಯ ಬೆಳವಣಿಗೆ ದರವು ಅತ್ಯಂತ ಕಡಿಮೆ ಮಟ್ಟದಲ್ಲಿದೆ. ಯಾವುದೇ ಹೊಸ ಬಂಡವಾಳ ಅಥವಾ ಕೈಗಾರಿಕಾ ಪ್ರದೇಶಗಳು ಈಗ ವಿದ್ಯುತ್ ವಿತರಣೆ ಮಾಡುತ್ತಿರುವ ಕಂಪನಿಗಳಿಗೆ ಸಮರ್ಪಕವಾಗಿ ಉತ್ಪಾದನೆಯನ್ನು ಪೂರೈಕೆ ಮಾಡಲ್ಲ ಎಂಬ ಕುರಿತು ಯಾವುದೇ ದೂರುಗಳು ಇಲ್ಲದಂತೆ ಉನ್ನತ ದಕ್ಷತೆ ಹಾಗೂ ಸೇವಾ ಗುಣಮಟ್ಟವನ್ನು ಕಾಯ್ದು ಕೊಂಡು ಹೋಗಲು ಬದ್ಧವಾಗಿವೆ ಎಂದು ಹೇಳಿದರು. ಪ್ರತಿಭಟನೆಯಲ್ಲಿ ಜನವಾದಿ ಸಂಘಟನೆಯ ಗೀತಾ, ಜೆಡಿಎಸ್ ಬಾಬು ಮೌನಿ,ಕೆ.ಪಿ.ಆರ್.ಎಸ್. ಶ್ರೀರಾಮ್, ಸಿ.ಪಿ.ಎಂ.(ಐ) ವಿಜಯ ಕುಮಾರ್, ದಲಿತ ಪ್ರಗತಿ ಪರ ಮುಖಂಡ ವಿಜಯ ಕುಮಾರ್, ವಕ್ಕಲೇರಿ ರಾಮಣ್ಣ, ವರದೇನಹಳ್ಳಿ ವೆಂಕಟೇಶ್, ಹಾರೋಹಳ್ಳಿ ರವಿ, ಬೆಸ್ಕಾಂ ಯೂನಿಯನ್ ವ್ಯಂಖಂಡರಾದ ನಾರಾಯಣಸ್ವಾಮಿ, ವೆಂಕಟೇಶ್, ಮುಂತಾದವರು ಇದ್ದರು.
ಅಡಿಕೆ ಸಾಗಾಣಿಕೆ ಲಾರಿಗಳಿಗೆ ಮಹಾರಾಷ್ಟ್ರದಲ್ಲಿ ತಡೆ
ದೂರ ದೃಷ್ಟಿ ವಾರ್ತಾ ಸುಳ್ಯ:ಕರ್ನಾಟಕ ಸೇರಿದಂತೆ ಇತರ ರಾಜ್ಯಗಳಿಂದ ಲಾರಿಗಳಲ್ಲಿ ಸಾಗಿಸುತ್ತಿದ್ದ ಅಡಿಕೆಯನ್ನು ಮಹಾರಾಷ್ಟ್ರದಲ್ಲಿ ಅಲ್ಲಿನ ಆಹಾರ ಮತ್ತು ಔಷಧ ಆಡಳಿತ ಅಧಿಕಾರಿಗಳು ತಡೆಹಿಡಿದು ಜಪ್ತಿ ಮಾಡುವ ಘಟನೆಗೆ ಸಂಬಂಧಿಸಿ ಸುಳ್ಯ ಅಡಿಕೆ ವ್ಯಾಪಾರಸ್ಥರು ಮತ್ತು ಕೃಷಿಕರ ಸಮಾಲೋಚನಾ ಸಭೆ ಸುಳ್ಯದ ಎಪಿಎಂಸಿ ಸಭಾಂಗಣದಲ್ಲಿ ನಡೆಯಿತು. ಸಭೆಯಲ್ಲಿ ಅಡಿಕೆ ವ್ಯಾಪಾರಸ್ಥ ಶಾಹುಲ್ ಹಮೀದ್ ಕುತ್ತಮೊಟ್ಟೆ ಪ್ರಾಸ್ತಾವಿಕ ಮಾತನಾಡಿ, ಈಗಾಗಲೇ ಮಹಾರಾಷ್ಟ್ರ ಸರಕಾರವು ಸುಮಾರು 50ಕ್ಕೂ ಹೆಚ್ಚು ಅಡಿಕೆ ಸಾಗಾಣಿಕೆಯ ಲಾರಿಗಳನ್ನು ತಡೆ ಹಿಡಿದಿದ್ದು ಇದರಿಂದಾಗಿ ವ್ಯಾಪಾರಸ್ಥರಿಗೆ ತುಂಬಾ ನಷ್ಟ ಉಂಟಾಗಿದೆ. ಅಲ್ಲದೆ ನಾವು ಯಾರೂ ಕೂಡ ಮಹಾರಾಷ್ಟ್ರಕ್ಕೆ ಅಡಿಕೆ ಕಳುಹಿಸದಿರಲ್ಲ ಹೊರ ರಾಜ್ಯವಾದ ಗುಜರಾತ್ ಮತ್ತು ದೆಹಲಿ ಮುಂತಾದ ಕಡೆಗಳಿಗೆ ಕಳುಹಿಸುವಾಗಿದ್ದು. ಹೀಗಿರುವಾಗ ಮಹಾರಾಷ್ಟ್ರ ಸರಕಾರವು ಲಾರಿಗಳನ್ನು ತಡೆದು ವ್ಯಾಪಾರಸ್ಥರಿಗೆ ಮತ್ತು ಕೃಷಿಕರಿಗೆ ಅನ್ಯಾಯವನ್ನು ಮಾಡುತ್ತಿದೆ. ನಾವು ಕಳುಹಿಸುವ ಅಡಿಕೆಗಳು ಅವರ ತಪಾಸಣೆಯಲ್ಲಿ ಸರಿ ಇಲ್ಲ ಎಂದು ಆದರೆ ಅದನ್ನು ಸಂಬಂಧಪಟ್ಟವರು ನಾಶ ಮಾಡಿದರೆ ಇದರಿಂದ ಕೃಷಿಕರಿಗೆ ಮತ್ತು ವ್ಯಾಪಾರಸ್ಥರಿಗೆ ತುಂಬಾ ಸಮಸ್ಯೆ ಉಂಟಾಗುತ್ತದೆ. ಅದ್ದರಿಂದ ಕೂಡಲೇ ಇಂತಹ ಕ್ರಮಗಳನ್ನು ಮಹಾರಾಷ್ಟ್ರ ಸರಕಾರ ಕೈಬಿಡಬೇಕೆಂದು ಅವರು ಆಗ್ರಹಿಸಿದರು. ಎಪಿಎಂಸಿ ಮಾಜಿ ನಿರ್ದೇಶಕ ಆದಂ ಮಾಜಿ ಕಮ್ಮಾಡಿ ಹಾಗೂ ಜಿಲ್ಲಾ ಅಡಿಕೆ ವ್ಯಾಪಾರಸ್ಥ ಸಂಘದ ಅಧ್ಯಕ್ಷ ಸಲೀಂ ಪೆರುಂಗೋಡಿ ಮಾತನಾಡಿ ಮಹಾರಾಷ್ಟ್ರ ಸರಕಾರ ಮಾಡಿರುವ ಈ ಕ್ರಮವನ್ನು ನಾವು ಖಂಡಿಸುತ್ತೇವೆ. ಈ ಬಗ್ಗೆ ಈಗಾಗಲೇ ಜಿಲ್ಲಾ ಸಮಿತಿಯಲ್ಲಿ ಸಭೆಗಳು ನಡೆದಿದ್ದು ಮುಂದಿನ ದಿನಗಳಲ್ಲಿ ನಮ್ಮ ವ್ಯಾಪಾರ ವಹಿವಾಟನ್ನು ನಿಲ್ಲಿಸುವುದಾಗಿಯೂ ಕೂಡ ತೀರ್ಮಾನಗಳನ್ನು ಕೈಗೊಂಡಿದ್ದೇವೆ. ಅದ್ದರಿಂದ ಸಂಬಂಧಪಟ್ಟ ಇಲಾಖೆಯವರು ಕೂಡಲೇ ಎಚ್ಚೆತ್ತು ಈ ಕ್ರಮವನ್ನು ಕೈಬಿಡಬೇಕೆಂದು ಅಗ್ರಹಿಸಿದರು.
